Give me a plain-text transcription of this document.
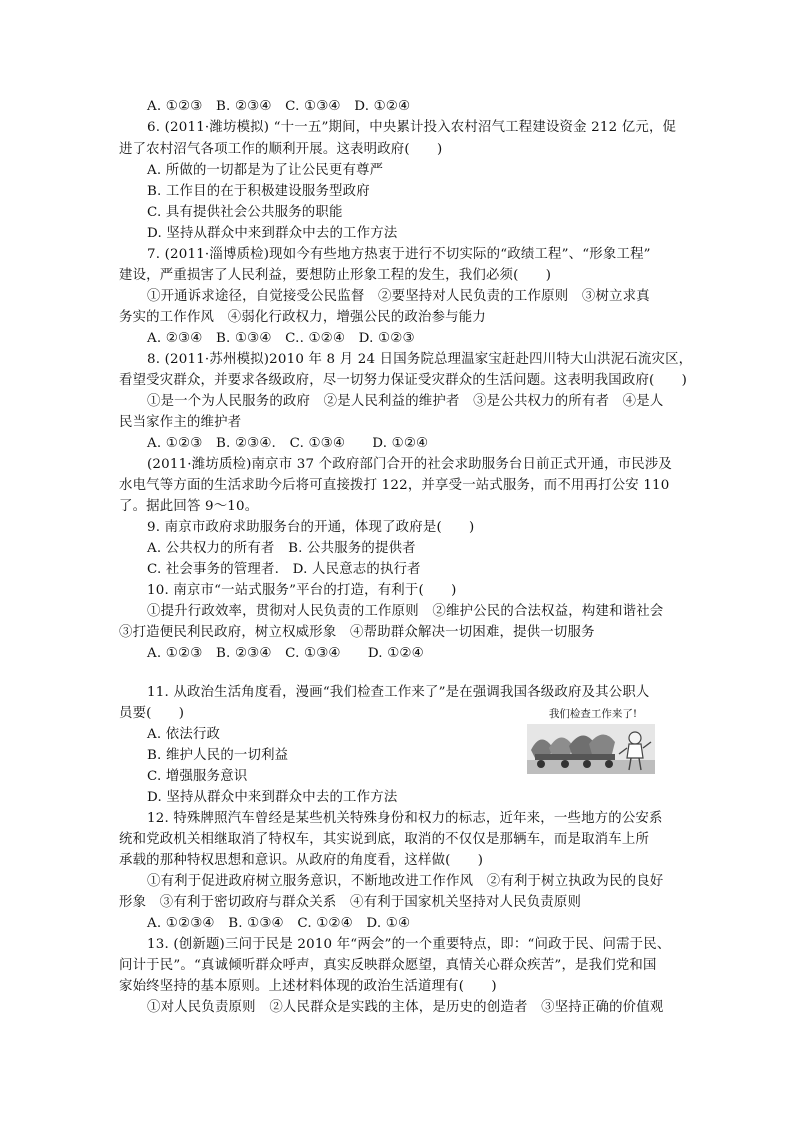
A. ①②③　B. ②③④　C. ①③④　D. ①②④
6. (2011·潍坊模拟) “十一五”期间，中央累计投入农村沼气工程建设资金 212 亿元，促
进了农村沼气各项工作的顺利开展。这表明政府(　　)
A. 所做的一切都是为了让公民更有尊严
B. 工作目的在于积极建设服务型政府
C. 具有提供社会公共服务的职能
D. 坚持从群众中来到群众中去的工作方法
7. (2011·淄博质检)现如今有些地方热衷于进行不切实际的“政绩工程”、“形象工程”
建设，严重损害了人民利益，要想防止形象工程的发生，我们必须(　　)
①开通诉求途径，自觉接受公民监督　②要坚持对人民负责的工作原则　③树立求真
务实的工作作风　④弱化行政权力，增强公民的政治参与能力
A. ②③④　B. ①③④　C.. ①②④　D. ①②③
8. (2011·苏州模拟)2010 年 8 月 24 日国务院总理温家宝赶赴四川特大山洪泥石流灾区，
看望受灾群众，并要求各级政府，尽一切努力保证受灾群众的生活问题。这表明我国政府(　　)
①是一个为人民服务的政府　②是人民利益的维护者　③是公共权力的所有者　④是人
民当家作主的维护者
A. ①②③　B. ②③④.　C. ①③④　　D. ①②④
(2011·潍坊质检)南京市 37 个政府部门合开的社会求助服务台日前正式开通，市民涉及
水电气等方面的生活求助今后将可直接拨打 122，并享受一站式服务，而不用再打公安 110
了。据此回答 9～10。
9. 南京市政府求助服务台的开通，体现了政府是(　　)
A. 公共权力的所有者　B. 公共服务的提供者
C. 社会事务的管理者.　D. 人民意志的执行者
10. 南京市“一站式服务”平台的打造，有利于(　　)
①提升行政效率，贯彻对人民负责的工作原则　②维护公民的合法权益，构建和谐社会
③打造便民利民政府，树立权威形象　④帮助群众解决一切困难，提供一切服务
A. ①②③　B. ②③④　C. ①③④　　D. ①②④
11. 从政治生活角度看，漫画“我们检查工作来了”是在强调我国各级政府及其公职人
员要(　　)
A. 依法行政
B. 维护人民的一切利益
C. 增强服务意识
D. 坚持从群众中来到群众中去的工作方法
12. 特殊牌照汽车曾经是某些机关特殊身份和权力的标志，近年来，一些地方的公安系
统和党政机关相继取消了特权车，其实说到底，取消的不仅仅是那辆车，而是取消车上所
承载的那种特权思想和意识。从政府的角度看，这样做(　　)
①有利于促进政府树立服务意识，不断地改进工作作风　②有利于树立执政为民的良好
形象　③有利于密切政府与群众关系　④有利于国家机关坚持对人民负责原则
A. ①②③④　B. ①③④　C. ①②④　D. ①④
13. (创新题)三问于民是 2010 年“两会”的一个重要特点，即：“问政于民、问需于民、
问计于民”。“真诚倾听群众呼声，真实反映群众愿望，真情关心群众疾苦”，是我们党和国
家始终坚持的基本原则。上述材料体现的政治生活道理有(　　)
①对人民负责原则　②人民群众是实践的主体，是历史的创造者　③坚持正确的价值观
我们检查工作来了!
